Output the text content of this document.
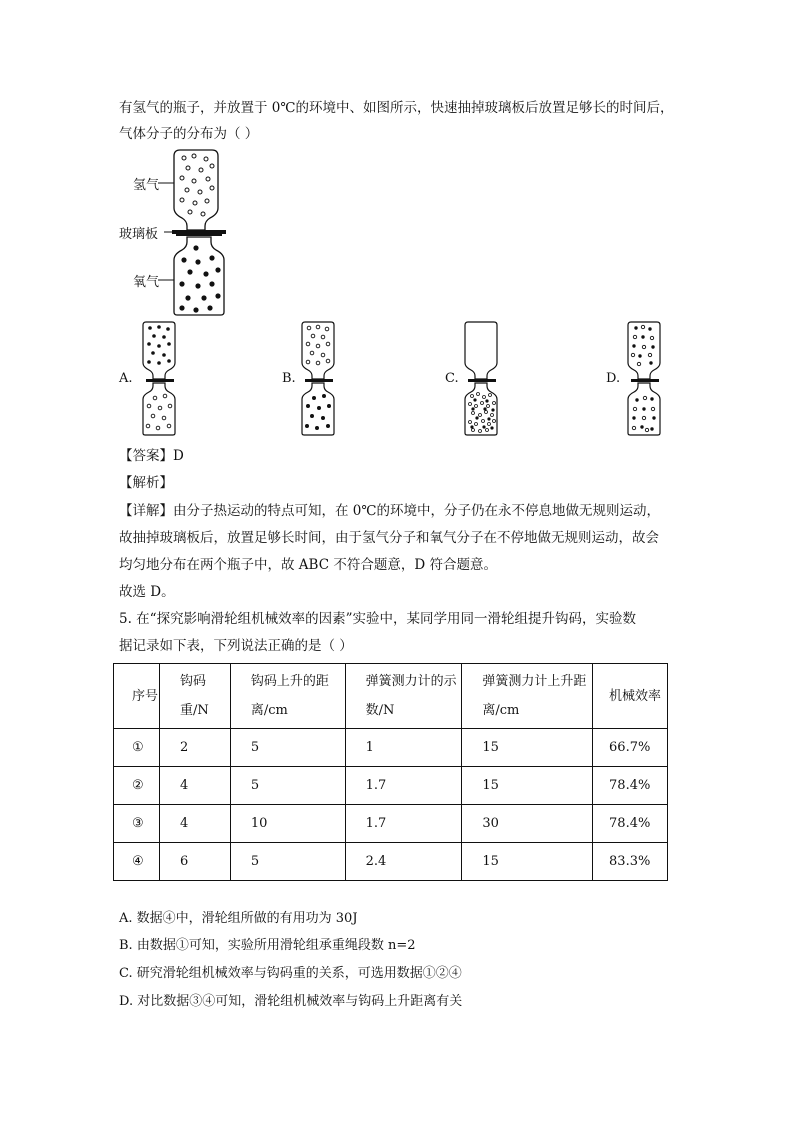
有氢气的瓶子，并放置于 0℃的环境中、如图所示，快速抽掉玻璃板后放置足够长的时间后，
气体分子的分布为（ ）
氢气
玻璃板
氧气
A.	B.	C.	D.
【答案】D
【解析】
【详解】由分子热运动的特点可知，在 0℃的环境中，分子仍在永不停息地做无规则运动，
故抽掉玻璃板后，放置足够长时间，由于氢气分子和氧气分子在不停地做无规则运动，故会
均匀地分布在两个瓶子中，故 ABC 不符合题意，D 符合题意。
故选 D。
5. 在“探究影响滑轮组机械效率的因素”实验中，某同学用同一滑轮组提升钩码，实验数
据记录如下表，下列说法正确的是（ ）
序号	钩码重/N	钩码上升的距离/cm	弹簧测力计的示数/N	弹簧测力计上升距离/cm	机械效率
①	2	5	1	15	66.7%
②	4	5	1.7	15	78.4%
③	4	10	1.7	30	78.4%
④	6	5	2.4	15	83.3%
A. 数据④中，滑轮组所做的有用功为 30J
B. 由数据①可知，实验所用滑轮组承重绳段数 n=2
C. 研究滑轮组机械效率与钩码重的关系，可选用数据①②④
D. 对比数据③④可知，滑轮组机械效率与钩码上升距离有关
